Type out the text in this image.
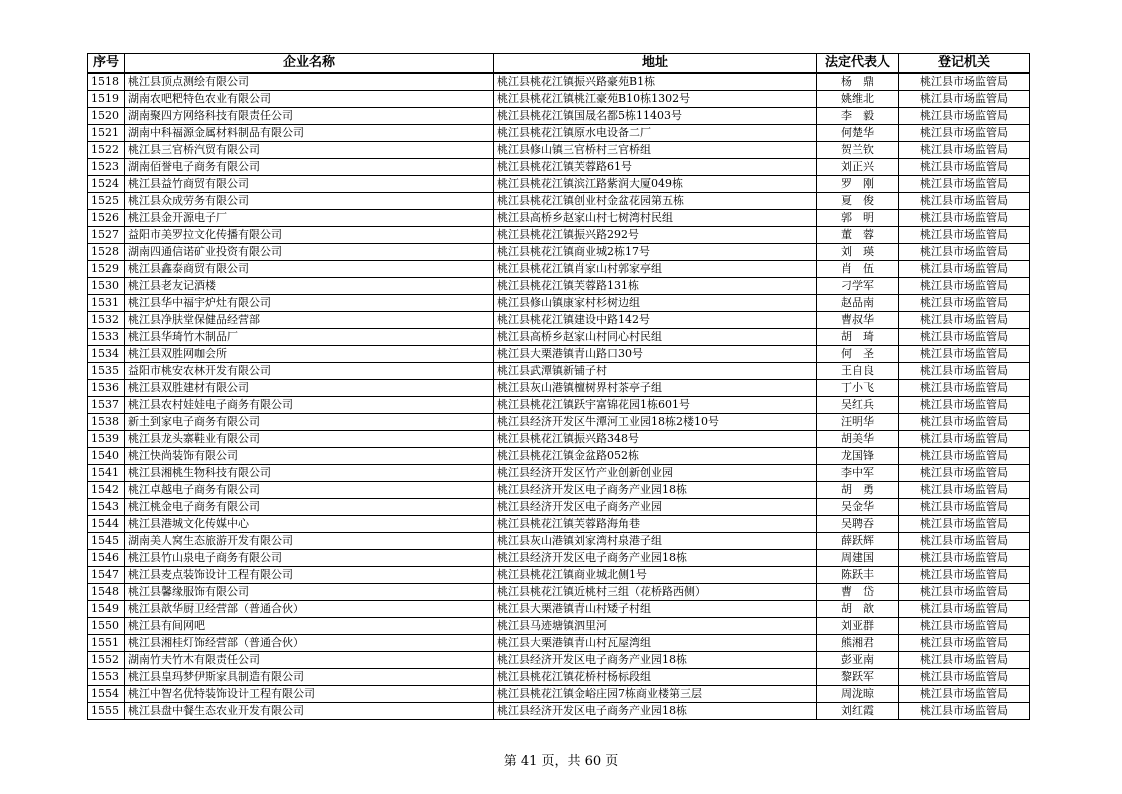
序号	企业名称	地址	法定代表人	登记机关
1518	桃江县顶点测绘有限公司	桃江县桃花江镇振兴路豪苑B1栋	杨　鼎	桃江县市场监管局
1519	湖南农吧粑特色农业有限公司	桃江县桃花江镇桃江豪苑B10栋1302号	姚维北	桃江县市场监管局
1520	湖南聚四方网络科技有限责任公司	桃江县桃花江镇国晟名都5栋11403号	李　毅	桃江县市场监管局
1521	湖南中科福源金属材料制品有限公司	桃江县桃花江镇原水电设备二厂	何楚华	桃江县市场监管局
1522	桃江县三官桥汽贸有限公司	桃江县修山镇三官桥村三官桥组	贺兰钦	桃江县市场监管局
1523	湖南佰誉电子商务有限公司	桃江县桃花江镇芙蓉路61号	刘正兴	桃江县市场监管局
1524	桃江县益竹商贸有限公司	桃江县桃花江镇滨江路紫润大厦049栋	罗　刚	桃江县市场监管局
1525	桃江县众成劳务有限公司	桃江县桃花江镇创业村金盆花园第五栋	夏　俊	桃江县市场监管局
1526	桃江县金开源电子厂	桃江县高桥乡赵家山村七树湾村民组	郭　明	桃江县市场监管局
1527	益阳市美罗拉文化传播有限公司	桃江县桃花江镇振兴路292号	董　蓉	桃江县市场监管局
1528	湖南四通信诺矿业投资有限公司	桃江县桃花江镇商业城2栋17号	刘　瑛	桃江县市场监管局
1529	桃江县鑫泰商贸有限公司	桃江县桃花江镇肖家山村郭家亭组	肖　伍	桃江县市场监管局
1530	桃江县老友记酒楼	桃江县桃花江镇芙蓉路131栋	刁学军	桃江县市场监管局
1531	桃江县华中福宇炉灶有限公司	桃江县修山镇康家村杉树边组	赵品南	桃江县市场监管局
1532	桃江县净肤堂保健品经营部	桃江县桃花江镇建设中路142号	曹叔华	桃江县市场监管局
1533	桃江县华琦竹木制品厂	桃江县高桥乡赵家山村同心村民组	胡　琦	桃江县市场监管局
1534	桃江县双胜网咖会所	桃江县大栗港镇青山路口30号	何　圣	桃江县市场监管局
1535	益阳市桃安农林开发有限公司	桃江县武潭镇新铺子村	王自良	桃江县市场监管局
1536	桃江县双胜建材有限公司	桃江县灰山港镇檀树界村茶亭子组	丁小飞	桃江县市场监管局
1537	桃江县农村娃娃电子商务有限公司	桃江县桃花江镇跃宇富锦花园1栋601号	吴红兵	桃江县市场监管局
1538	新土到家电子商务有限公司	桃江县经济开发区牛潭河工业园18栋2楼10号	汪明华	桃江县市场监管局
1539	桃江县龙头寨鞋业有限公司	桃江县桃花江镇振兴路348号	胡美华	桃江县市场监管局
1540	桃江快尚装饰有限公司	桃江县桃花江镇金盆路052栋	龙国锋	桃江县市场监管局
1541	桃江县湘桃生物科技有限公司	桃江县经济开发区竹产业创新创业园	李中军	桃江县市场监管局
1542	桃江卓越电子商务有限公司	桃江县经济开发区电子商务产业园18栋	胡　勇	桃江县市场监管局
1543	桃江桃金电子商务有限公司	桃江县经济开发区电子商务产业园	吴金华	桃江县市场监管局
1544	桃江县港城文化传媒中心	桃江县桃花江镇芙蓉路海角巷	吴聘吞	桃江县市场监管局
1545	湖南美人窝生态旅游开发有限公司	桃江县灰山港镇刘家湾村泉港子组	薛跃辉	桃江县市场监管局
1546	桃江县竹山泉电子商务有限公司	桃江县经济开发区电子商务产业园18栋	周建国	桃江县市场监管局
1547	桃江县麦点装饰设计工程有限公司	桃江县桃花江镇商业城北侧1号	陈跃丰	桃江县市场监管局
1548	桃江县馨缘服饰有限公司	桃江县桃花江镇近桃村三组（花桥路西侧）	曹　岱	桃江县市场监管局
1549	桃江县歆华厨卫经营部（普通合伙）	桃江县大栗港镇青山村矮子村组	胡　歆	桃江县市场监管局
1550	桃江县有间网吧	桃江县马迹塘镇泗里河	刘亚群	桃江县市场监管局
1551	桃江县湘桂灯饰经营部（普通合伙）	桃江县大栗港镇青山村瓦屋湾组	熊湘君	桃江县市场监管局
1552	湖南竹夫竹木有限责任公司	桃江县经济开发区电子商务产业园18栋	彭亚南	桃江县市场监管局
1553	桃江县皇玛梦伊斯家具制造有限公司	桃江县桃花江镇花桥村杨标段组	黎跃军	桃江县市场监管局
1554	桃江中智名优特装饰设计工程有限公司	桃江县桃花江镇金峪庄园7栋商业楼第三层	周泷晾	桃江县市场监管局
1555	桃江县盘中餐生态农业开发有限公司	桃江县经济开发区电子商务产业园18栋	刘红霞	桃江县市场监管局
第 41 页，共 60 页
